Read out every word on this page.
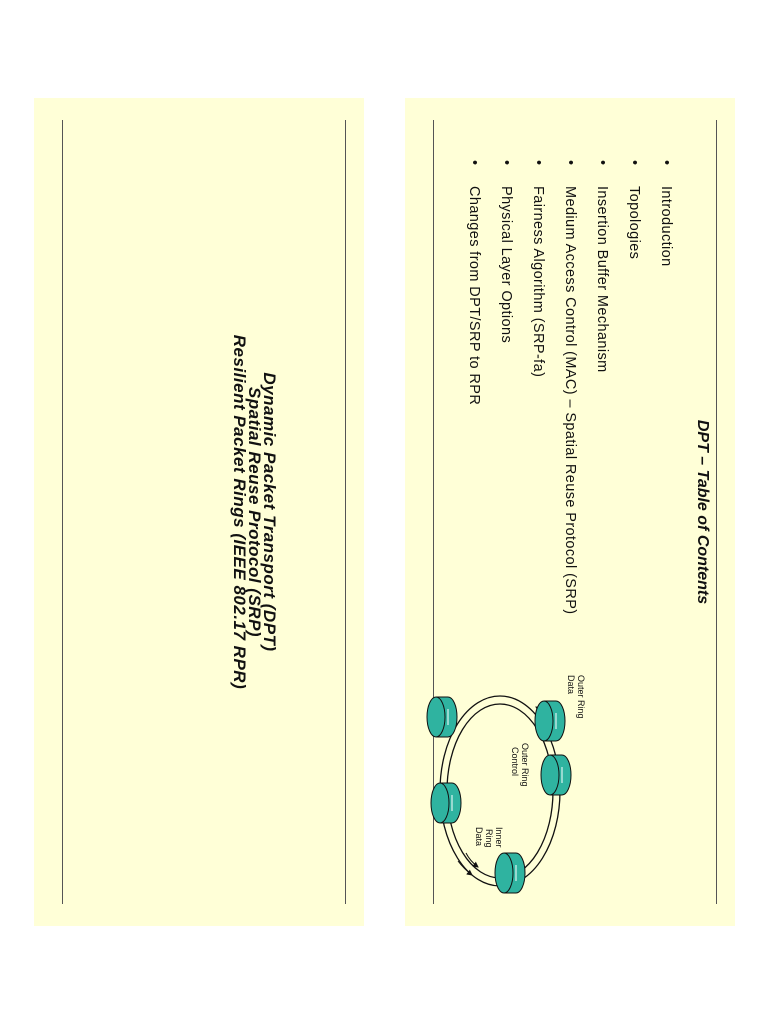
Dynamic Packet Transport (DPT)
Spatial Reuse Protocol (SRP)
Resilient Packet Rings (IEEE 802.17 RPR)	DPT – Table of Contents
•Introduction
•Topologies
•Insertion Buffer Mechanism
•Medium Access Control (MAC) – Spatial Reuse Protocol (SRP)
•Fairness Algorithm (SRP-fa)
•Physical Layer Options
•Changes from DPT/SRP to RPR
Outer Ring
Data
Outer Ring
Control
Inner
Ring
Data
